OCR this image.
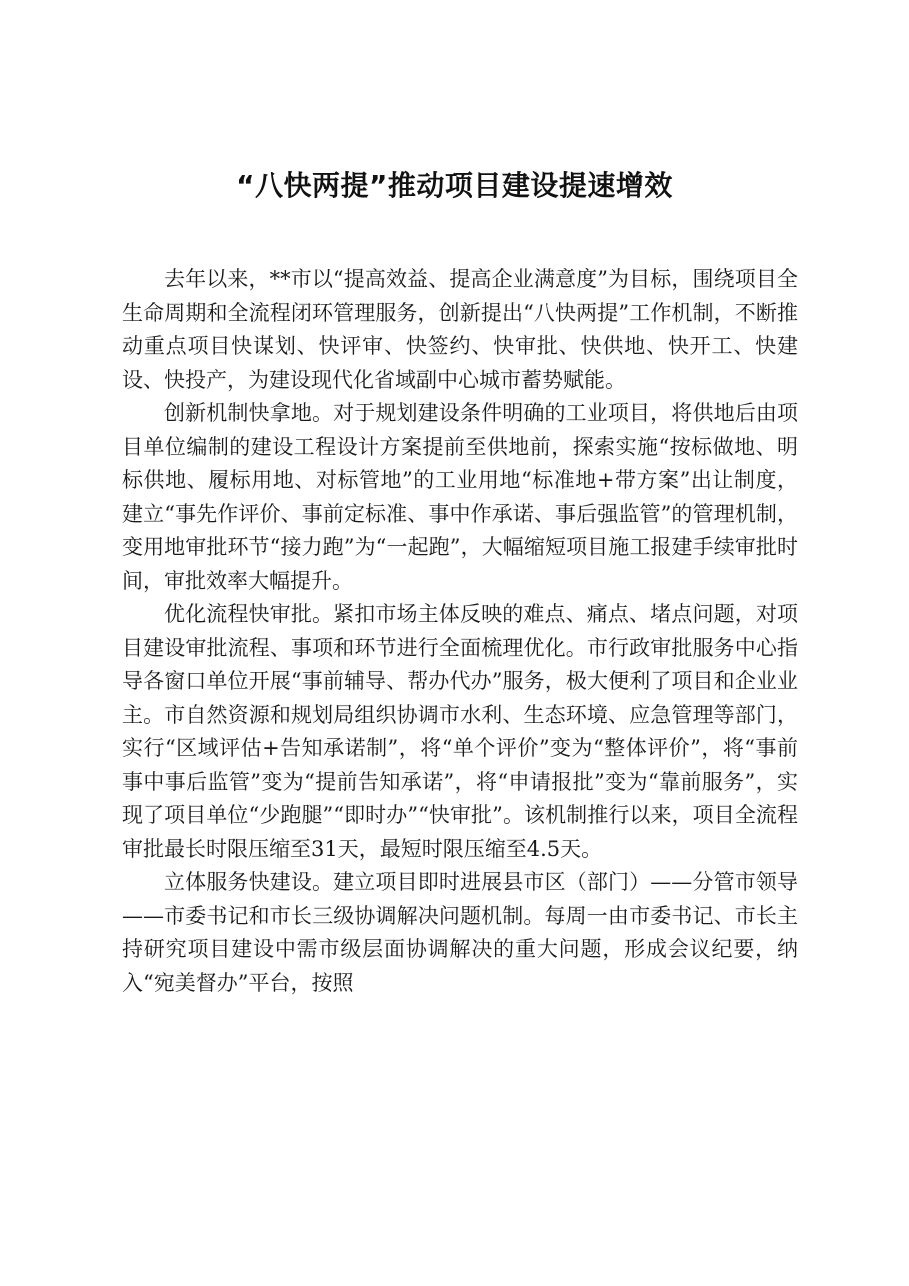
“八快两提”推动项目建设提速增效

去年以来，**市以“提高效益、提高企业满意度”为目标，围绕项目全生命周期和全流程闭环管理服务，创新提出“八快两提”工作机制，不断推动重点项目快谋划、快评审、快签约、快审批、快供地、快开工、快建设、快投产，为建设现代化省域副中心城市蓄势赋能。

创新机制快拿地。对于规划建设条件明确的工业项目，将供地后由项目单位编制的建设工程设计方案提前至供地前，探索实施“按标做地、明标供地、履标用地、对标管地”的工业用地“标准地+带方案”出让制度，建立“事先作评价、事前定标准、事中作承诺、事后强监管”的管理机制，变用地审批环节“接力跑”为“一起跑”，大幅缩短项目施工报建手续审批时间，审批效率大幅提升。

优化流程快审批。紧扣市场主体反映的难点、痛点、堵点问题，对项目建设审批流程、事项和环节进行全面梳理优化。市行政审批服务中心指导各窗口单位开展“事前辅导、帮办代办”服务，极大便利了项目和企业业主。市自然资源和规划局组织协调市水利、生态环境、应急管理等部门，实行“区域评估+告知承诺制”，将“单个评价”变为“整体评价”，将“事前事中事后监管”变为“提前告知承诺”，将“申请报批”变为“靠前服务”，实现了项目单位“少跑腿”“即时办”“快审批”。该机制推行以来，项目全流程审批最长时限压缩至31天，最短时限压缩至4.5天。

立体服务快建设。建立项目即时进展县市区（部门）——分管市领导——市委书记和市长三级协调解决问题机制。每周一由市委书记、市长主持研究项目建设中需市级层面协调解决的重大问题，形成会议纪要，纳入“宛美督办”平台，按照
